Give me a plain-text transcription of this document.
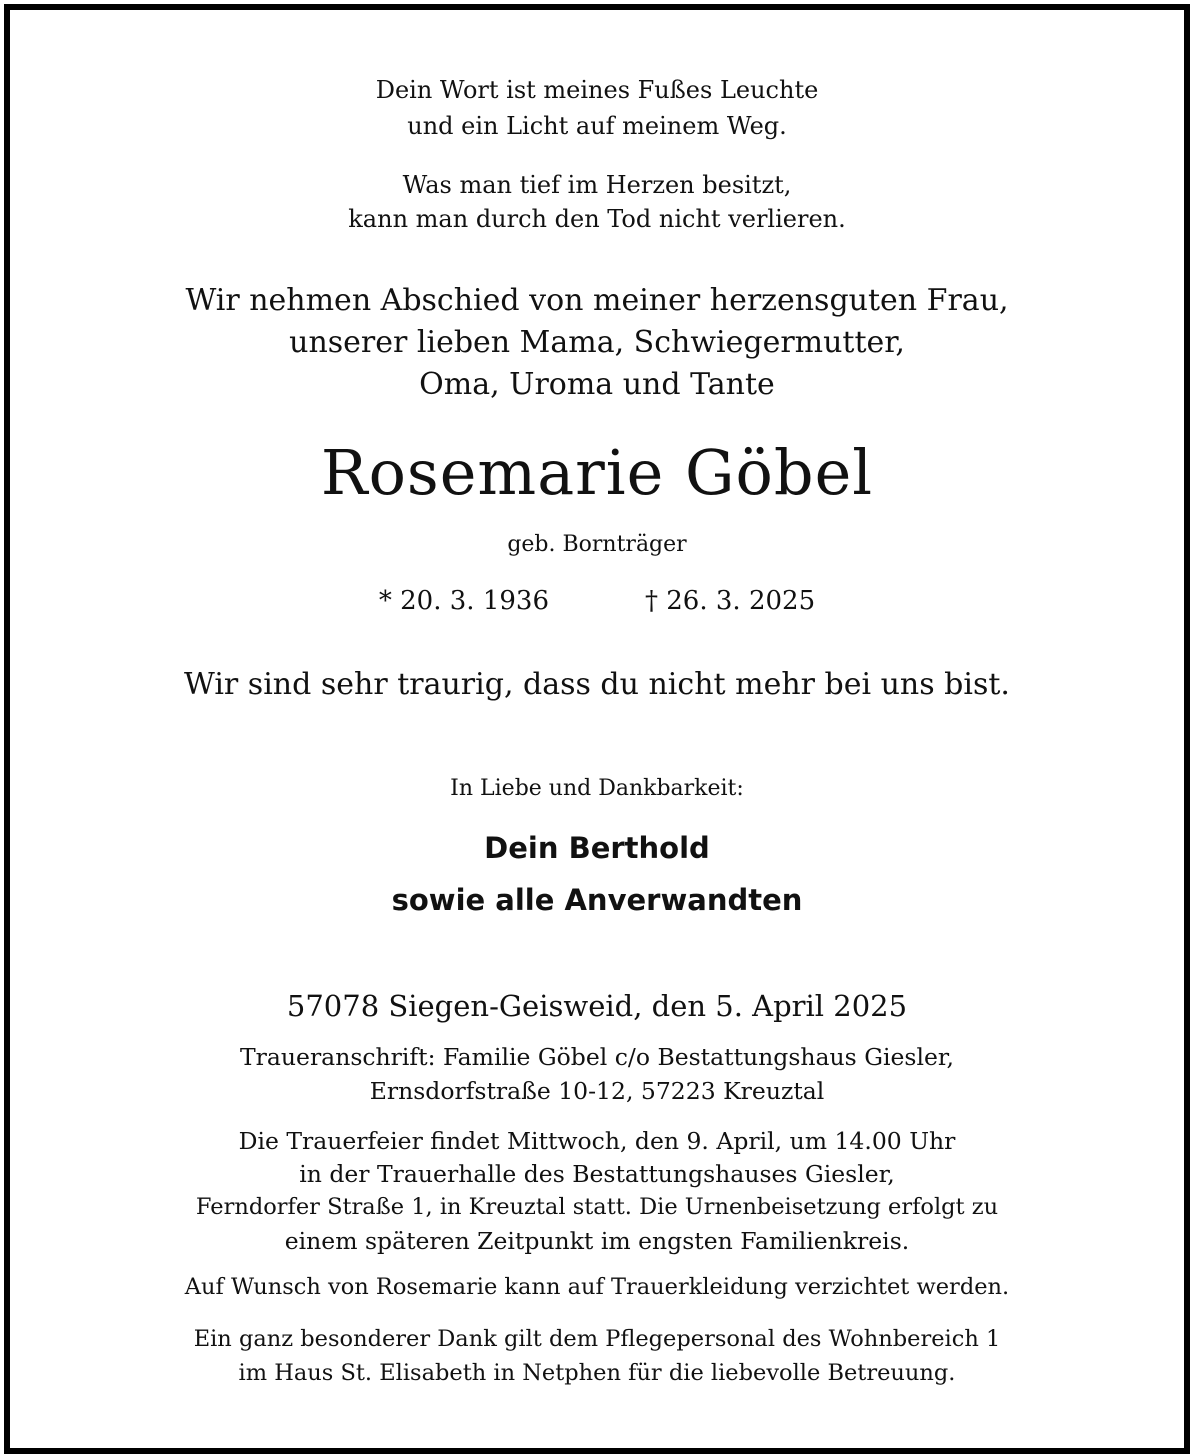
Dein Wort ist meines Fußes Leuchte
und ein Licht auf meinem Weg.
Was man tief im Herzen besitzt,
kann man durch den Tod nicht verlieren.
Wir nehmen Abschied von meiner herzensguten Frau,
unserer lieben Mama, Schwiegermutter,
Oma, Uroma und Tante
Rosemarie Göbel
geb. Bornträger
* 20. 3. 1936	† 26. 3. 2025
Wir sind sehr traurig, dass du nicht mehr bei uns bist.
In Liebe und Dankbarkeit:
Dein Berthold
sowie alle Anverwandten
57078 Siegen-Geisweid, den 5. April 2025
Traueranschrift: Familie Göbel c/o Bestattungshaus Giesler,
Ernsdorfstraße 10-12, 57223 Kreuztal
Die Trauerfeier findet Mittwoch, den 9. April, um 14.00 Uhr
in der Trauerhalle des Bestattungshauses Giesler,
Ferndorfer Straße 1, in Kreuztal statt. Die Urnenbeisetzung erfolgt zu
einem späteren Zeitpunkt im engsten Familienkreis.
Auf Wunsch von Rosemarie kann auf Trauerkleidung verzichtet werden.
Ein ganz besonderer Dank gilt dem Pflegepersonal des Wohnbereich 1
im Haus St. Elisabeth in Netphen für die liebevolle Betreuung.
